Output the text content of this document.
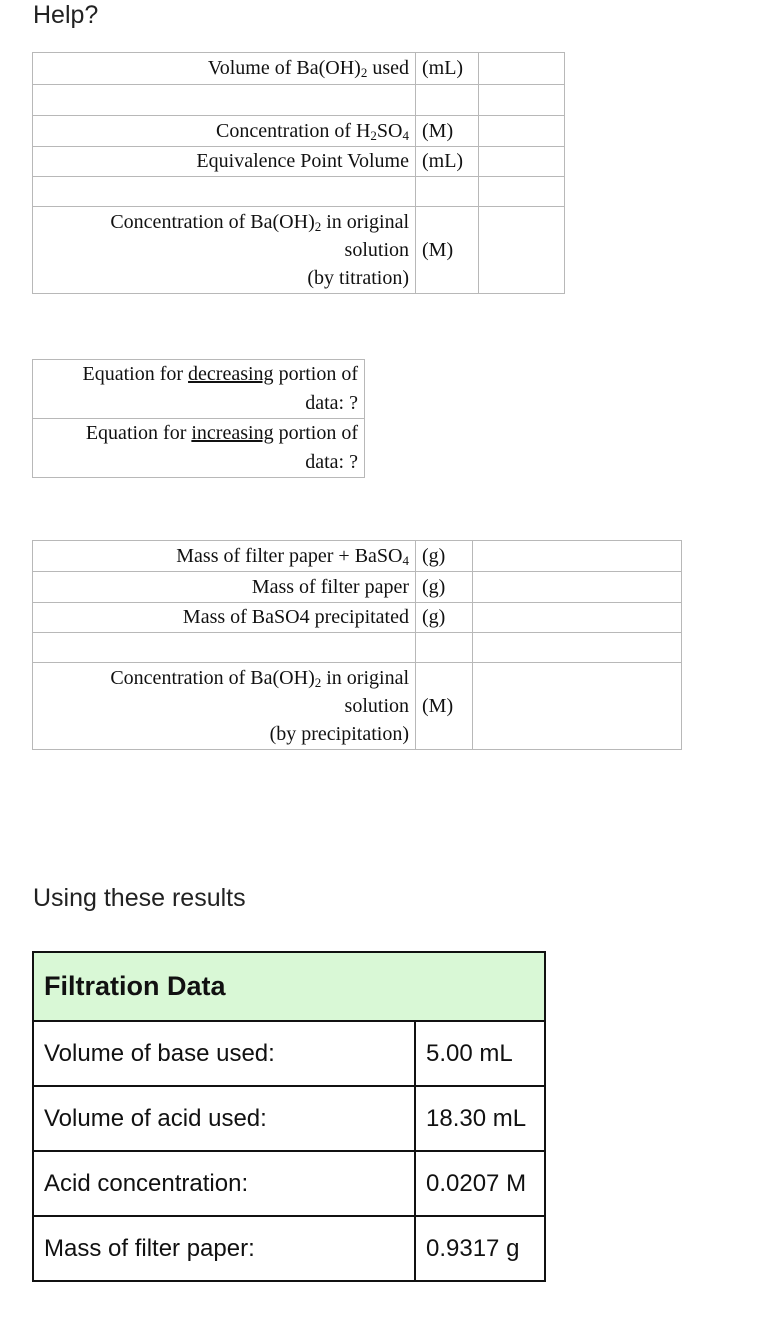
Help?
Volume of $Ba(OH)_2$ used	(mL)	

Concentration of $H_2SO_4$	(M)	
Equivalence Point Volume	(mL)	

Concentration of $Ba(OH)_2$ in original
solution
(by titration)	(M)	
Equation for decreasing portion of
data: ?
Equation for increasing portion of
data: ?
Mass of filter paper + BaSO$_4$	(g)	
Mass of filter paper	(g)	
Mass of BaSO4 precipitated	(g)	

Concentration of $Ba(OH)_2$ in original
solution
(by precipitation)	(M)	
Using these results
Filtration Data	
Volume of base used:	5.00 mL
Volume of acid used:	18.30 mL
Acid concentration:	0.0207 M
Mass of filter paper:	0.9317 g
